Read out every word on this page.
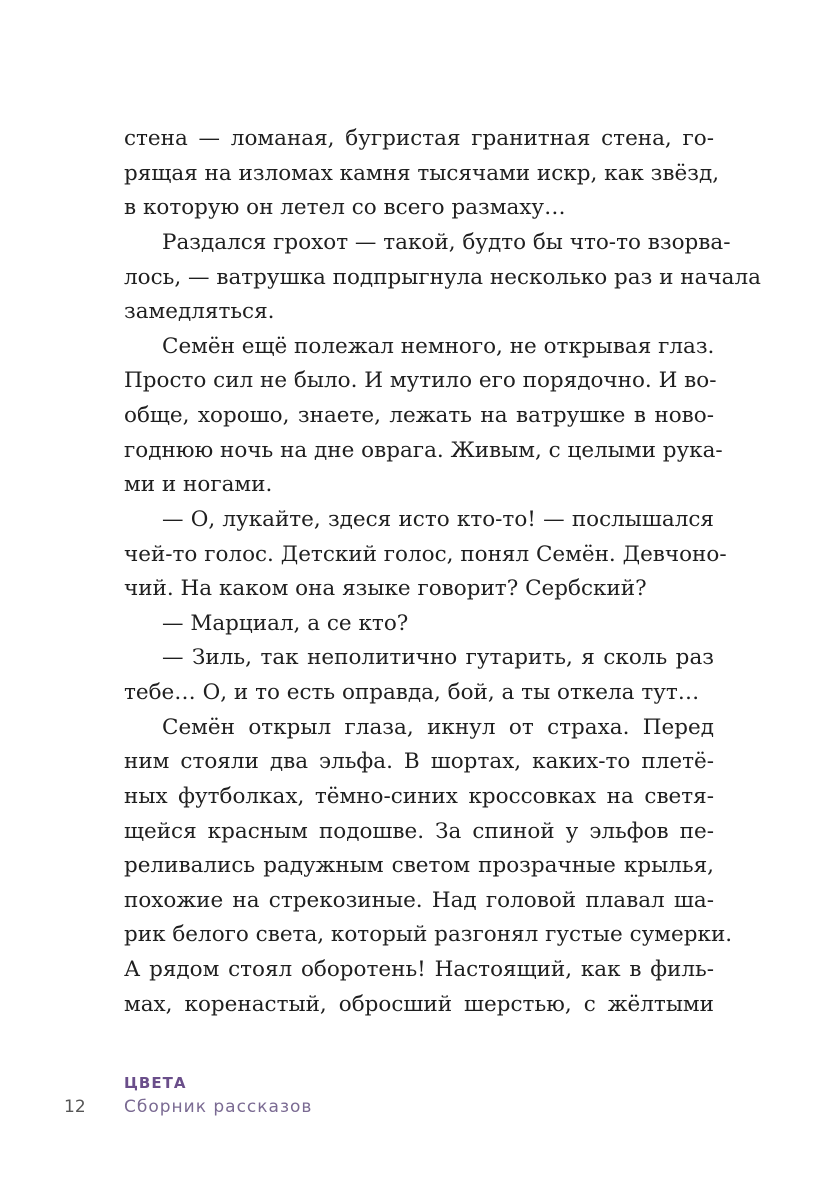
стена — ломаная, бугристая гранитная стена, го-
рящая на изломах камня тысячами искр, как звёзд,
в которую он летел со всего размаху…
Раздался грохот — такой, будто бы что-то взорва-
лось, — ватрушка подпрыгнула несколько раз и начала
замедляться.
Семён ещё полежал немного, не открывая глаз.
Просто сил не было. И мутило его порядочно. И во-
обще, хорошо, знаете, лежать на ватрушке в ново-
годнюю ночь на дне оврага. Живым, с целыми рука-
ми и ногами.
— О, лукайте, здеся исто кто-то! — послышался
чей-то голос. Детский голос, понял Семён. Девчоно-
чий. На каком она языке говорит? Сербский?
— Марциал, а се кто?
— Зиль, так неполитично гутарить, я сколь раз
тебе… О, и то есть оправда, бой, а ты откела тут…
Семён открыл глаза, икнул от страха. Перед
ним стояли два эльфа. В шортах, каких-то плетё-
ных футболках, тёмно-синих кроссовках на светя-
щейся красным подошве. За спиной у эльфов пе-
реливались радужным светом прозрачные крылья,
похожие на стрекозиные. Над головой плавал ша-
рик белого света, который разгонял густые сумерки.
А рядом стоял оборотень! Настоящий, как в филь-
мах, коренастый, обросший шерстью, с жёлтыми
ЦВЕТА
12 Сборник рассказов
